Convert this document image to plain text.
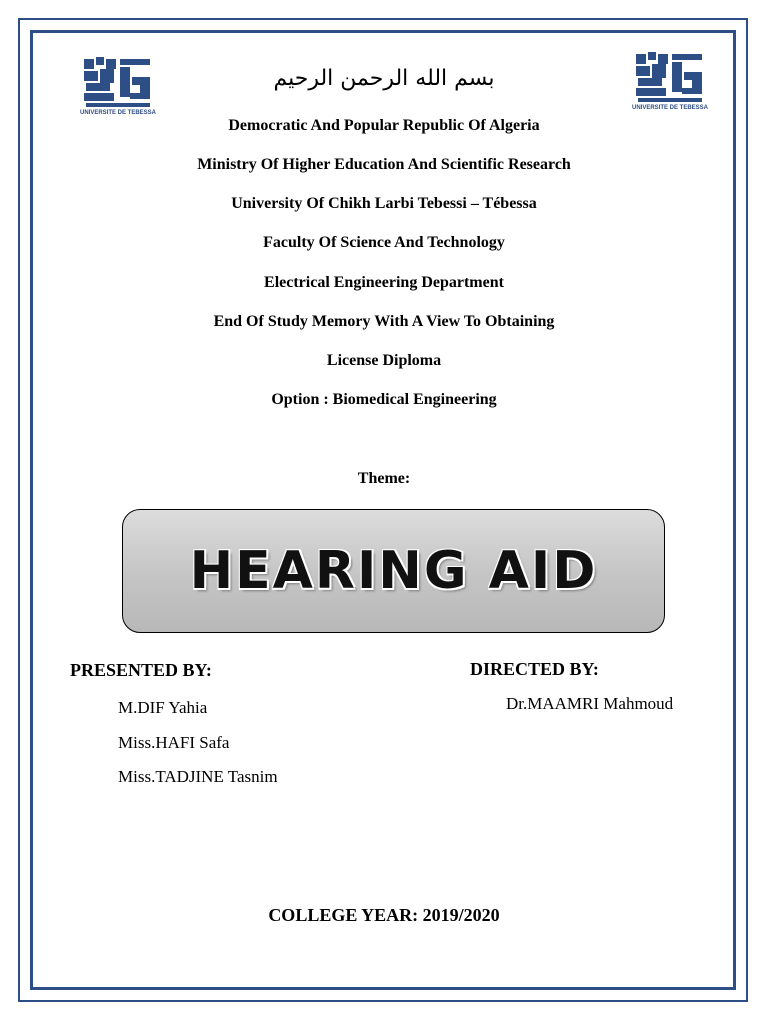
UNIVERSITE DE TEBESSA
UNIVERSITE DE TEBESSA
بسم الله الرحمن الرحيم
Democratic And Popular Republic Of Algeria
Ministry Of Higher Education And Scientific Research
University Of Chikh Larbi Tebessi – Tébessa
Faculty Of Science And Technology
Electrical Engineering Department
End Of Study Memory With A View To Obtaining
License Diploma
Option : Biomedical Engineering
Theme:
HEARING AID
PRESENTED BY:
M.DIF Yahia
Miss.HAFI Safa
Miss.TADJINE Tasnim
DIRECTED BY:
Dr.MAAMRI Mahmoud
COLLEGE YEAR: 2019/2020
